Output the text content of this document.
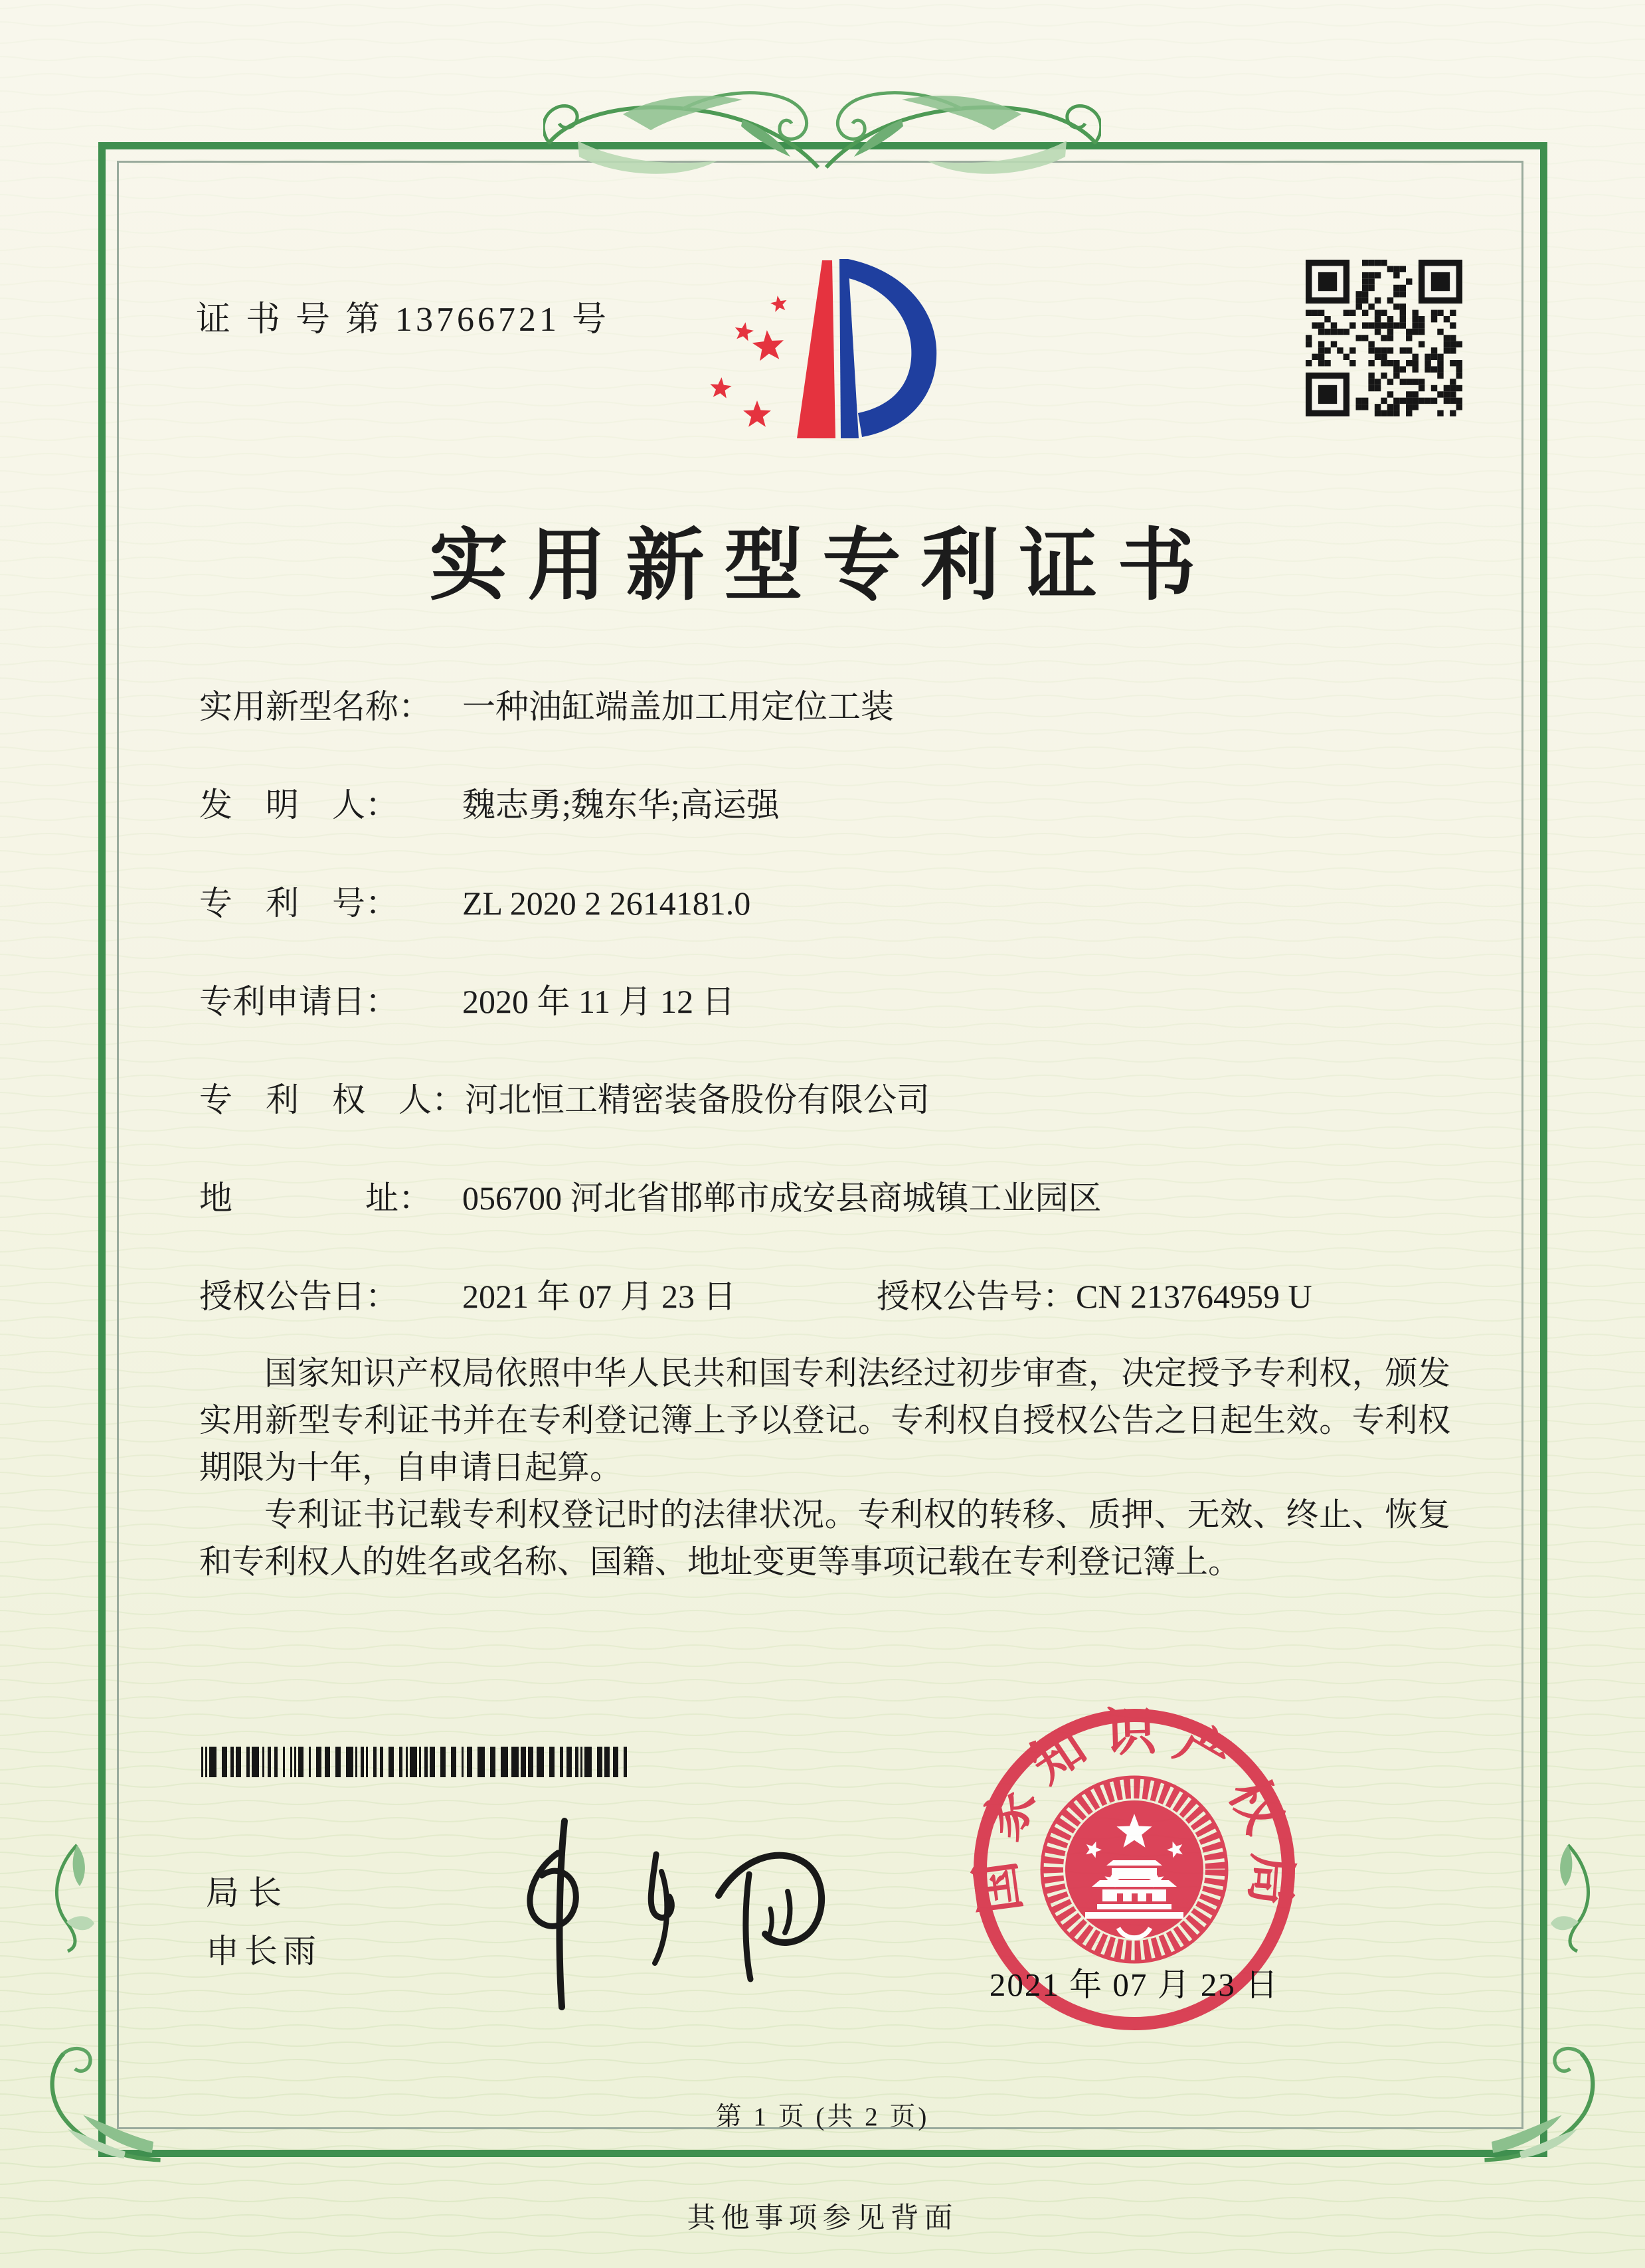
证 书 号 第 13766721 号
实用新型专利证书
实用新型名称： 一种油缸端盖加工用定位工装
发　明　人：	魏志勇;魏东华;高运强
专　利　号：	ZL 2020 2 2614181.0
专利申请日：	2020 年 11 月 12 日
专　利　权　人： 河北恒工精密装备股份有限公司
地　　　　址： 056700 河北省邯郸市成安县商城镇工业园区
授权公告日：	2021 年 07 月 23 日	授权公告号： CN 213764959 U

国家知识产权局依照中华人民共和国专利法经过初步审查，决定授予专利权，颁发实用新型专利证书并在专利登记簿上予以登记。专利权自授权公告之日起生效。专利权期限为十年，自申请日起算。

专利证书记载专利权登记时的法律状况。专利权的转移、质押、无效、终止、恢复和专利权人的姓名或名称、国籍、地址变更等事项记载在专利登记簿上。

局长
申长雨
国家知识产权局
2021 年 07 月 23 日
第 1 页 (共 2 页)
其他事项参见背面
